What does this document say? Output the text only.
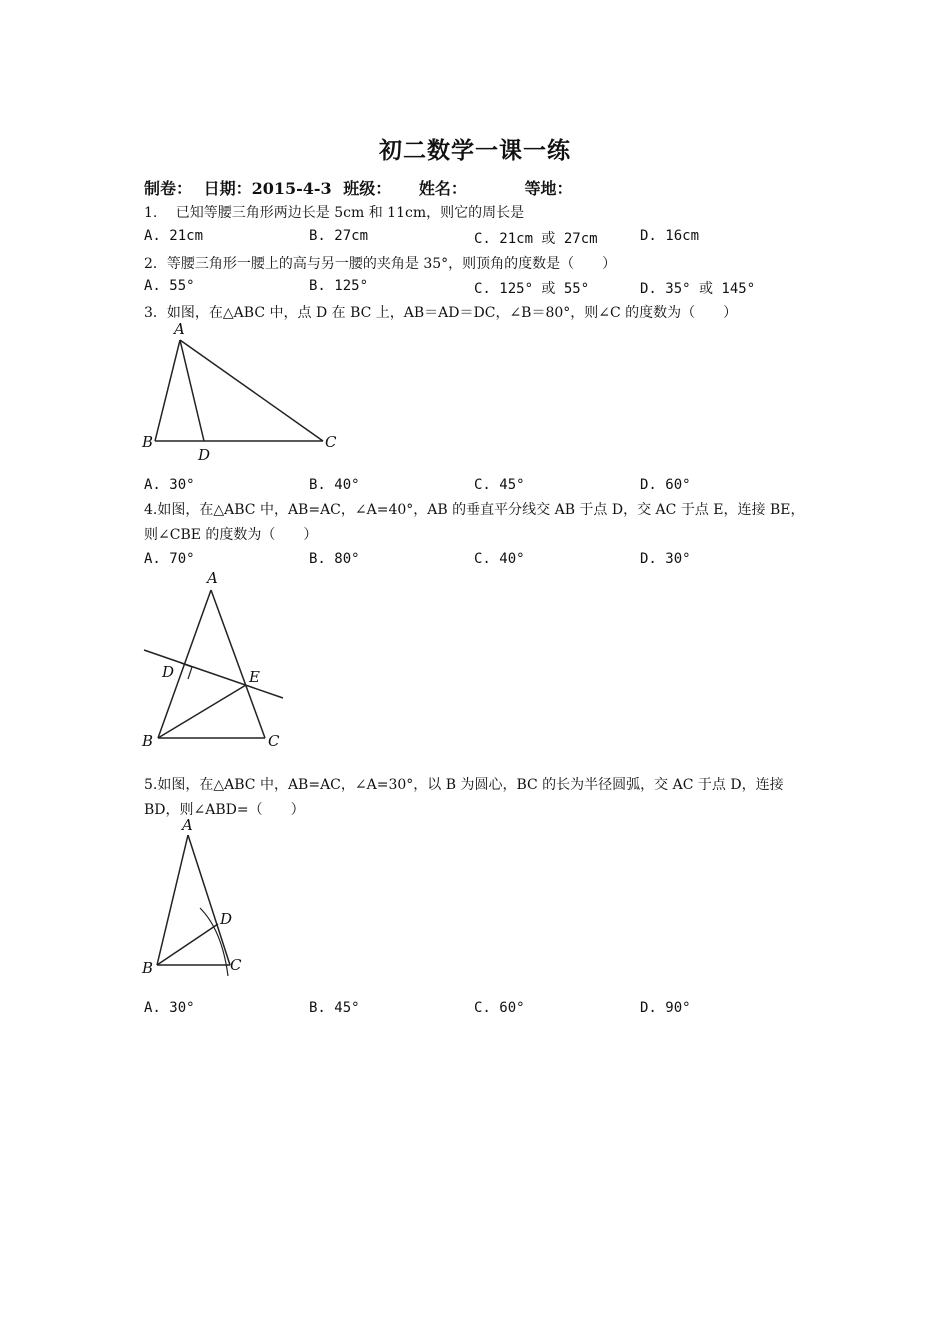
初二数学一课一练
制卷： 日期：2015-4-3 班级： 姓名：	等地：
1.　 已知等腰三角形两边长是 5cm 和 11cm，则它的周长是
A. 21cm	B. 27cm	C. 21cm 或 27cm	D. 16cm
2．等腰三角形一腰上的高与另一腰的夹角是 35°，则顶角的度数是（　　）
A. 55°	B. 125°	C. 125° 或 55°	D. 35° 或 145°
3．如图，在△ABC 中，点 D 在 BC 上，AB＝AD＝DC，∠B＝80°，则∠C 的度数为（　　）
A
B
D
C
A. 30°	B. 40°	C. 45°	D. 60°
4.如图，在△ABC 中，AB=AC，∠A=40°，AB 的垂直平分线交 AB 于点 D，交 AC 于点 E，连接 BE，则∠CBE 的度数为（　　）
A. 70°	B. 80°	C. 40°	D. 30°
A
D	E
B	C
5.如图，在△ABC 中，AB=AC，∠A=30°，以 B 为圆心，BC 的长为半径圆弧，交 AC 于点 D，连接 BD，则∠ABD=（　　）
A
D
B	C
A. 30°	B. 45°	C. 60°	D. 90°
